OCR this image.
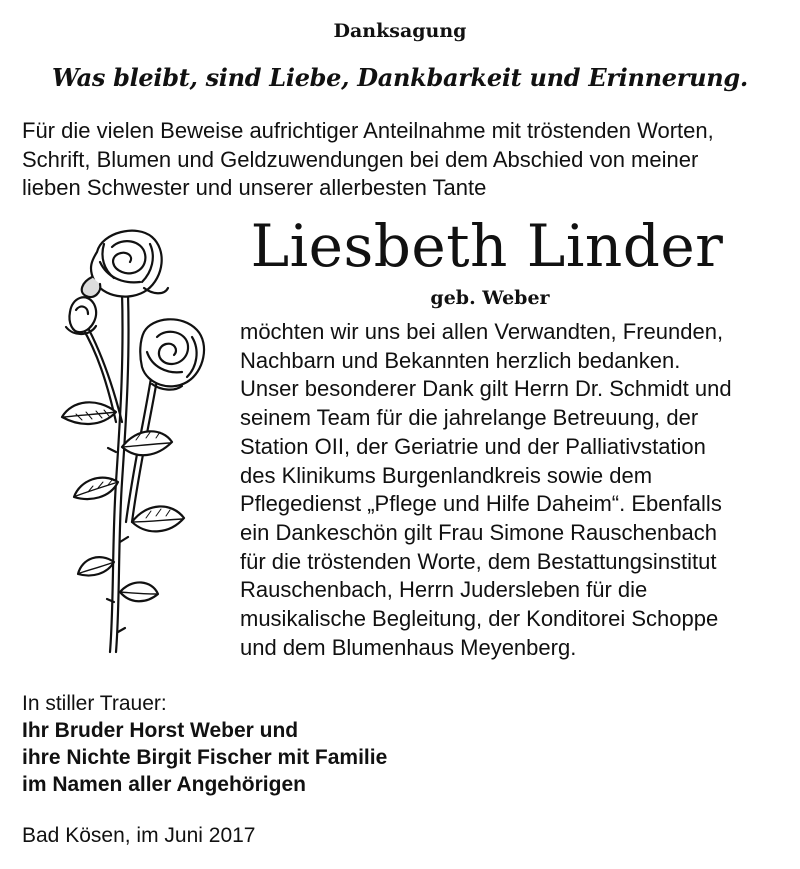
Danksagung
Was bleibt, sind Liebe, Dankbarkeit und Erinnerung.
Für die vielen Beweise aufrichtiger Anteilnahme mit tröstenden Worten,
Schrift, Blumen und Geldzuwendungen bei dem Abschied von meiner
lieben Schwester und unserer allerbesten Tante
Liesbeth Linder
geb. Weber
möchten wir uns bei allen Verwandten, Freunden,
Nachbarn und Bekannten herzlich bedanken.
Unser besonderer Dank gilt Herrn Dr. Schmidt und
seinem Team für die jahrelange Betreuung, der
Station OII, der Geriatrie und der Palliativstation
des Klinikums Burgenlandkreis sowie dem
Pflegedienst „Pflege und Hilfe Daheim“. Ebenfalls
ein Dankeschön gilt Frau Simone Rauschenbach
für die tröstenden Worte, dem Bestattungsinstitut
Rauschenbach, Herrn Judersleben für die
musikalische Begleitung, der Konditorei Schoppe
und dem Blumenhaus Meyenberg.
In stiller Trauer:
Ihr Bruder Horst Weber und
ihre Nichte Birgit Fischer mit Familie
im Namen aller Angehörigen
Bad Kösen, im Juni 2017
